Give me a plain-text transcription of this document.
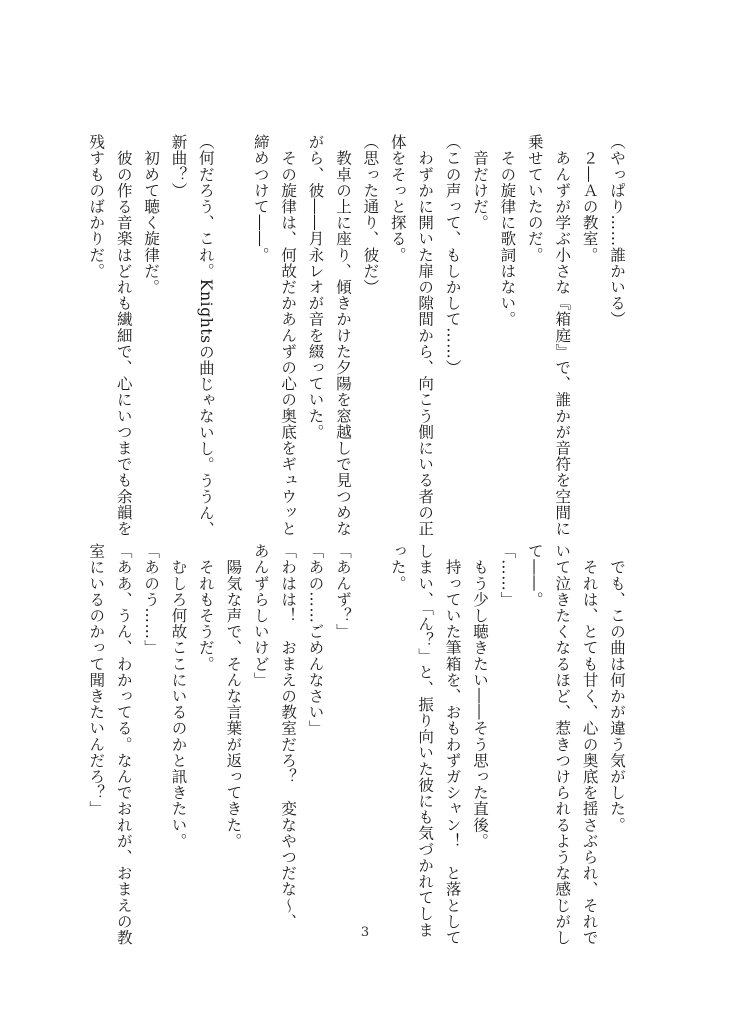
（やっぱり……誰かいる）
　２―Ａの教室。
　あんずが学ぶ小さな『箱庭』で、誰かが音符を空間に
乗せていたのだ。
　その旋律に歌詞はない。
　音だけだ。
（この声って、もしかして……）
　わずかに開いた扉の隙間から、向こう側にいる者の正
体をそっと探る。
（思った通り、彼だ）
　教卓の上に座り、傾きかけた夕陽を窓越しで見つめな
がら、彼――月永レオが音を綴っていた。
　その旋律は、何故だかあんずの心の奥底をギュウッと
締めつけて――。

（何だろう、これ。Knightsの曲じゃないし。ううん、
新曲？）
　初めて聴く旋律だ。
　彼の作る音楽はどれも繊細で、心にいつまでも余韻を
残すものばかりだ。
　でも、この曲は何かが違う気がした。
　それは、とても甘く、心の奥底を揺さぶられ、それで
いて泣きたくなるほど、惹きつけられるような感じがし
て――。
「……」
　もう少し聴きたい――そう思った直後。
　持っていた筆箱を、おもわずガシャン！　と落として
しまい、「ん？」と、振り向いた彼にも気づかれてしま
った。

「あんず？」
「あの……ごめんなさい」
「わはは！　おまえの教室だろ？　変なやつだな～、
あんずらしいけど」
　陽気な声で、そんな言葉が返ってきた。
　それもそうだ。
　むしろ何故ここにいるのかと訊きたい。
「あのう……」
「ああ、うん、わかってる。なんでおれが、おまえの教
室にいるのかって聞きたいんだろ？」
3
